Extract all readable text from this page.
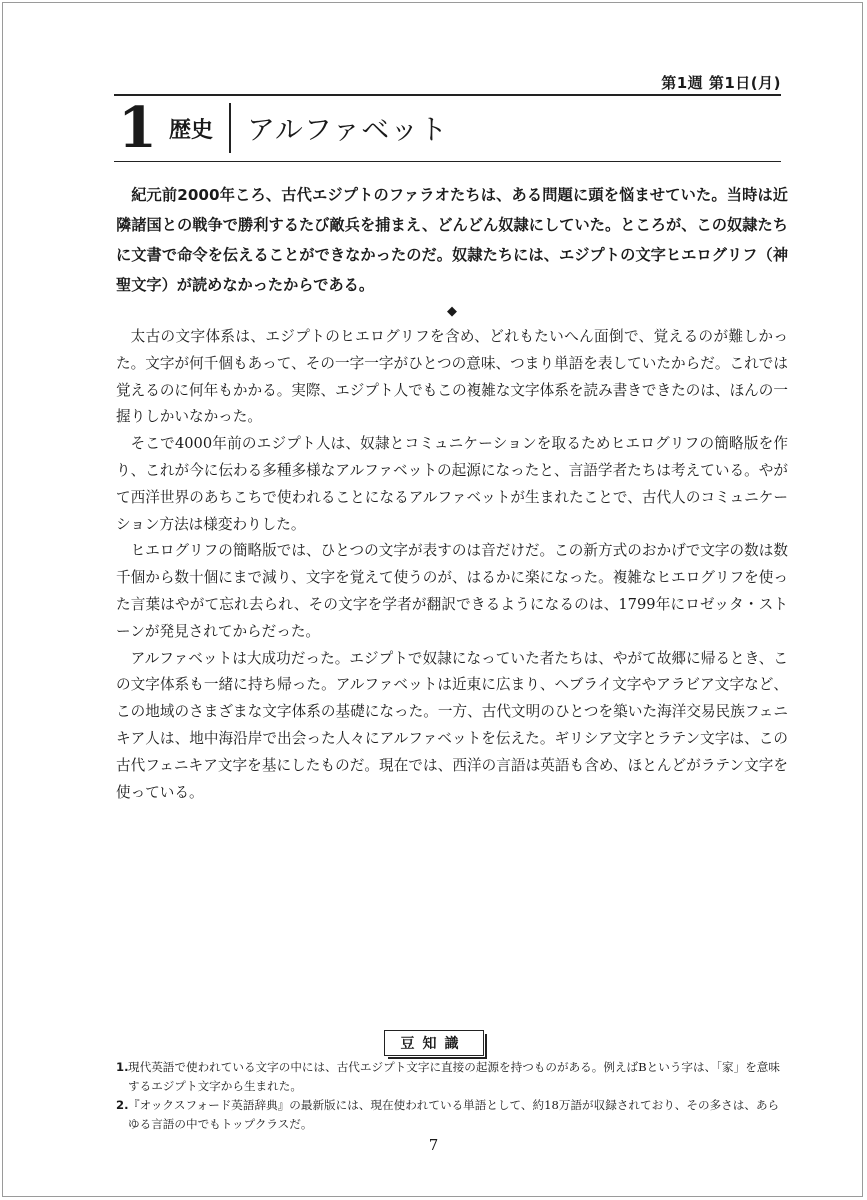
第1週 第1日(月)
1 歴史	アルファベット

紀元前2000年ころ、古代エジプトのファラオたちは、ある問題に頭を悩ませていた。当時は近隣諸国との戦争で勝利するたび敵兵を捕まえ、どんどん奴隷にしていた。ところが、この奴隷たちに文書で命令を伝えることができなかったのだ。奴隷たちには、エジプトの文字ヒエログリフ（神聖文字）が読めなかったからである。

◆

太古の文字体系は、エジプトのヒエログリフを含め、どれもたいへん面倒で、覚えるのが難しかった。文字が何千個もあって、その一字一字がひとつの意味、つまり単語を表していたからだ。これでは覚えるのに何年もかかる。実際、エジプト人でもこの複雑な文字体系を読み書きできたのは、ほんの一握りしかいなかった。

そこで4000年前のエジプト人は、奴隷とコミュニケーションを取るためヒエログリフの簡略版を作り、これが今に伝わる多種多様なアルファベットの起源になったと、言語学者たちは考えている。やがて西洋世界のあちこちで使われることになるアルファベットが生まれたことで、古代人のコミュニケーション方法は様変わりした。

ヒエログリフの簡略版では、ひとつの文字が表すのは音だけだ。この新方式のおかげで文字の数は数千個から数十個にまで減り、文字を覚えて使うのが、はるかに楽になった。複雑なヒエログリフを使った言葉はやがて忘れ去られ、その文字を学者が翻訳できるようになるのは、1799年にロゼッタ・ストーンが発見されてからだった。

アルファベットは大成功だった。エジプトで奴隷になっていた者たちは、やがて故郷に帰るとき、この文字体系も一緒に持ち帰った。アルファベットは近東に広まり、ヘブライ文字やアラビア文字など、この地域のさまざまな文字体系の基礎になった。一方、古代文明のひとつを築いた海洋交易民族フェニキア人は、地中海沿岸で出会った人々にアルファベットを伝えた。ギリシア文字とラテン文字は、この古代フェニキア文字を基にしたものだ。現在では、西洋の言語は英語も含め、ほとんどがラテン文字を使っている。

豆知識
1. 現代英語で使われている文字の中には、古代エジプト文字に直接の起源を持つものがある。例えばBという字は、「家」を意味するエジプト文字から生まれた。
2. 『オックスフォード英語辞典』の最新版には、現在使われている単語として、約18万語が収録されており、その多さは、あらゆる言語の中でもトップクラスだ。
7
